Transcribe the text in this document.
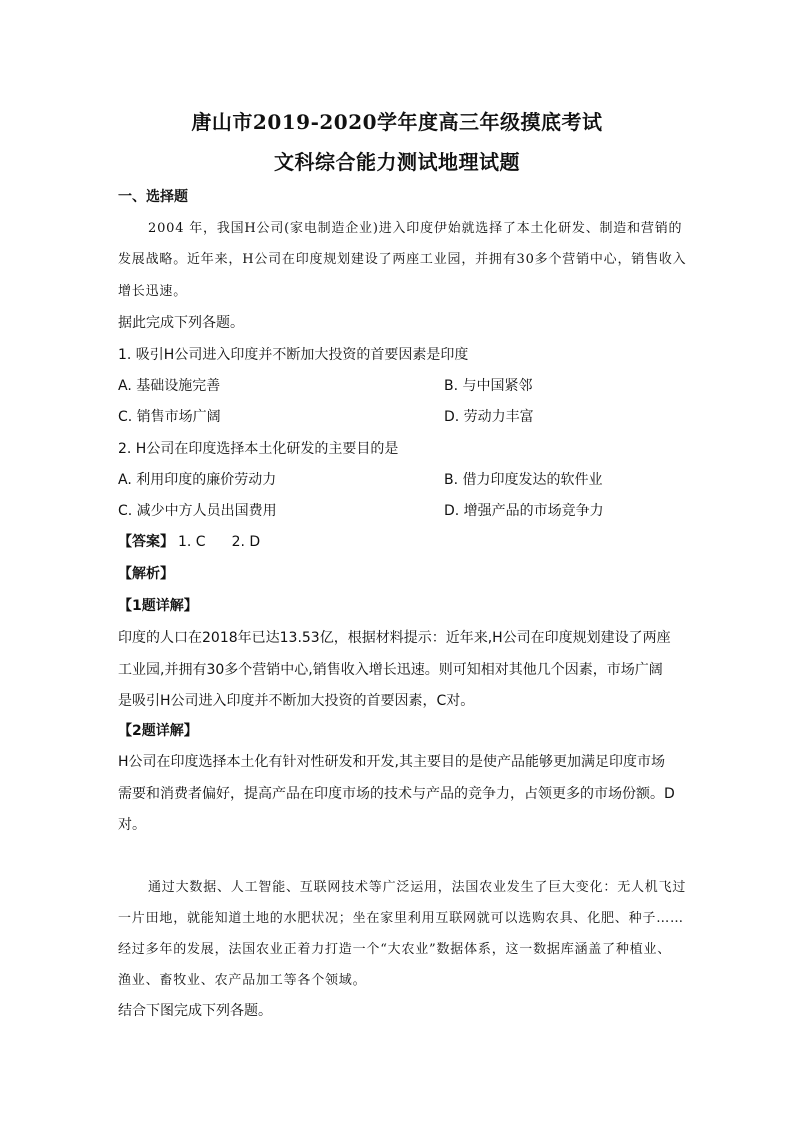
唐山市2019-2020学年度高三年级摸底考试
文科综合能力测试地理试题
一、选择题
2004 年，我国H公司(家电制造企业)进入印度伊始就选择了本土化研发、制造和营销的
发展战略。近年来，H公司在印度规划建设了两座工业园，并拥有30多个营销中心，销售收入
增长迅速。
据此完成下列各题。
1. 吸引H公司进入印度并不断加大投资的首要因素是印度
A. 基础设施完善	B. 与中国紧邻
C. 销售市场广阔	D. 劳动力丰富
2. H公司在印度选择本土化研发的主要目的是
A. 利用印度的廉价劳动力	B. 借力印度发达的软件业
C. 减少中方人员出国费用	D. 增强产品的市场竞争力
【答案】 1. C 2. D
【解析】
【1题详解】
印度的人口在2018年已达13.53亿，根据材料提示：近年来,H公司在印度规划建设了两座
工业园,并拥有30多个营销中心,销售收入增长迅速。则可知相对其他几个因素，市场广阔
是吸引H公司进入印度并不断加大投资的首要因素，C对。
【2题详解】
H公司在印度选择本土化有针对性研发和开发,其主要目的是使产品能够更加满足印度市场
需要和消费者偏好，提高产品在印度市场的技术与产品的竞争力，占领更多的市场份额。D
对。
通过大数据、人工智能、互联网技术等广泛运用，法国农业发生了巨大变化：无人机飞过
一片田地，就能知道土地的水肥状况；坐在家里利用互联网就可以选购农具、化肥、种子……
经过多年的发展，法国农业正着力打造一个“大农业”数据体系，这一数据库涵盖了种植业、
渔业、畜牧业、农产品加工等各个领域。
结合下图完成下列各题。
